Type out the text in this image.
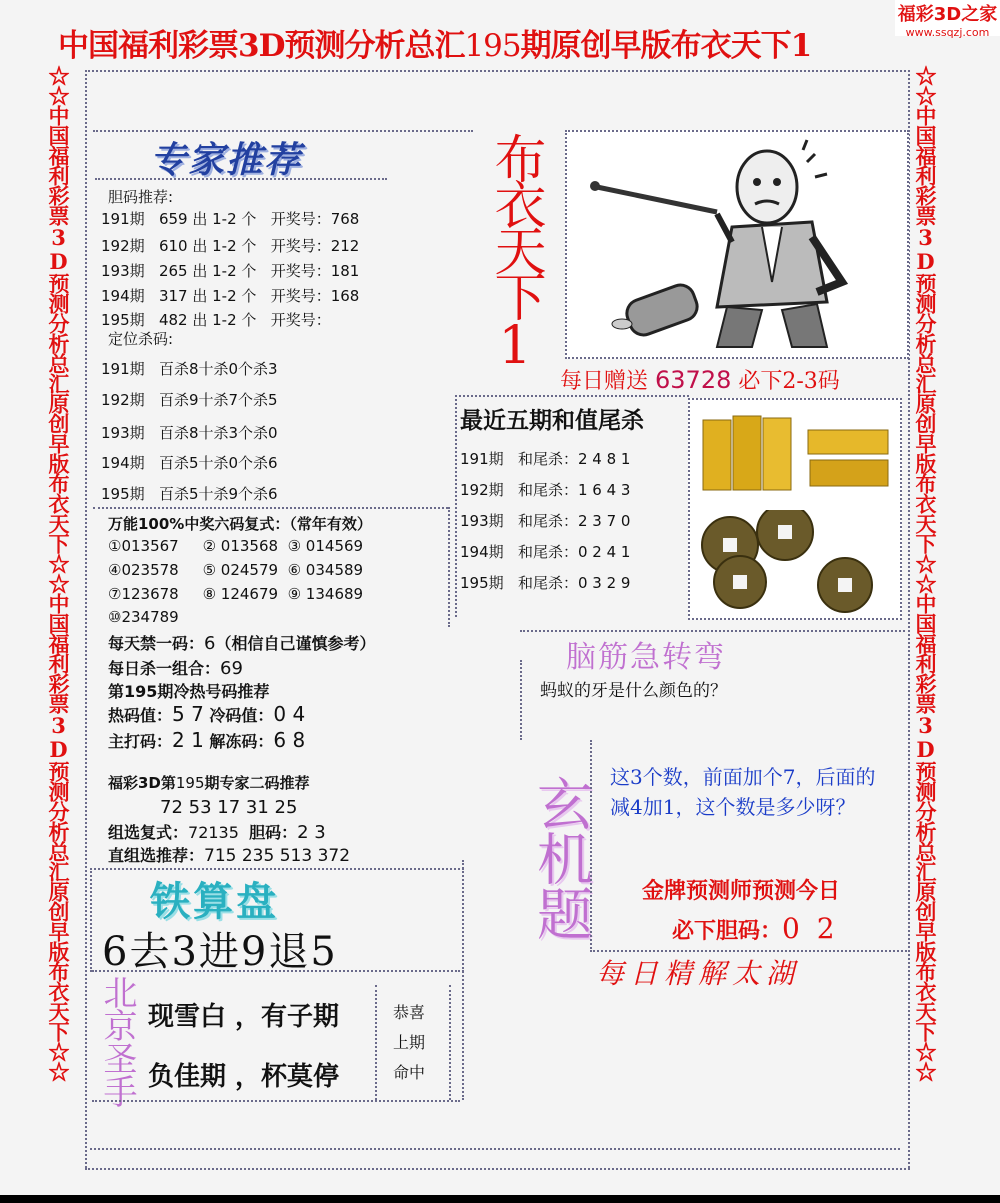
中国福利彩票3D预测分析总汇195期原创早版布衣天下1
福彩3D之家
www.ssqzj.com
☆☆中国福利彩票3D预测分析总汇原创早版布衣天下☆☆中国福利彩票3D预测分析总汇原创早版布衣天下☆☆	☆☆中国福利彩票3D预测分析总汇原创早版布衣天下☆☆中国福利彩票3D预测分析总汇原创早版布衣天下☆☆
专家推荐
胆码推荐:
191期 659 出 1-2 个 开奖号：768
192期 610 出 1-2 个 开奖号：212
193期 265 出 1-2 个 开奖号：181
194期 317 出 1-2 个 开奖号：168
195期 482 出 1-2 个 开奖号：
定位杀码:
191期 百杀8十杀0个杀3
192期 百杀9十杀7个杀5
193期 百杀8十杀3个杀0
194期 百杀5十杀0个杀6
195期 百杀5十杀9个杀6
布衣天下1
每日赠送 63728 必下2-3码
最近五期和值尾杀
191期 和尾杀：2 4 8 1
192期 和尾杀：1 6 4 3
193期 和尾杀：2 3 7 0
194期 和尾杀：0 2 4 1
195期 和尾杀：0 3 2 9
万能100%中奖六码复式：（常年有效）
①013567 ② 013568 ③ 014569
④023578 ⑤ 024579 ⑥ 034589
⑦123678 ⑧ 124679 ⑨ 134689
⑩234789
每天禁一码：6（相信自己谨慎参考）
每日杀一组合：69
第195期冷热号码推荐
热码值：5 7 冷码值：0 4
主打码：2 1 解冻码：6 8
福彩3D第195期专家二码推荐
72 53 17 31 25
组选复式：72135 胆码：2 3
直组选推荐：715 235 513 372
铁算盘
6去3进9退5
北京圣手 现雪白 ，有子期
负佳期 ，杯莫停
恭喜
上期
命中
脑筋急转弯
蚂蚁的牙是什么颜色的？
玄机题 这3个数，前面加个7，后面的减4加1，这个数是多少呀？
金牌预测师预测今日
必下胆码：0 2
每日精解太湖
